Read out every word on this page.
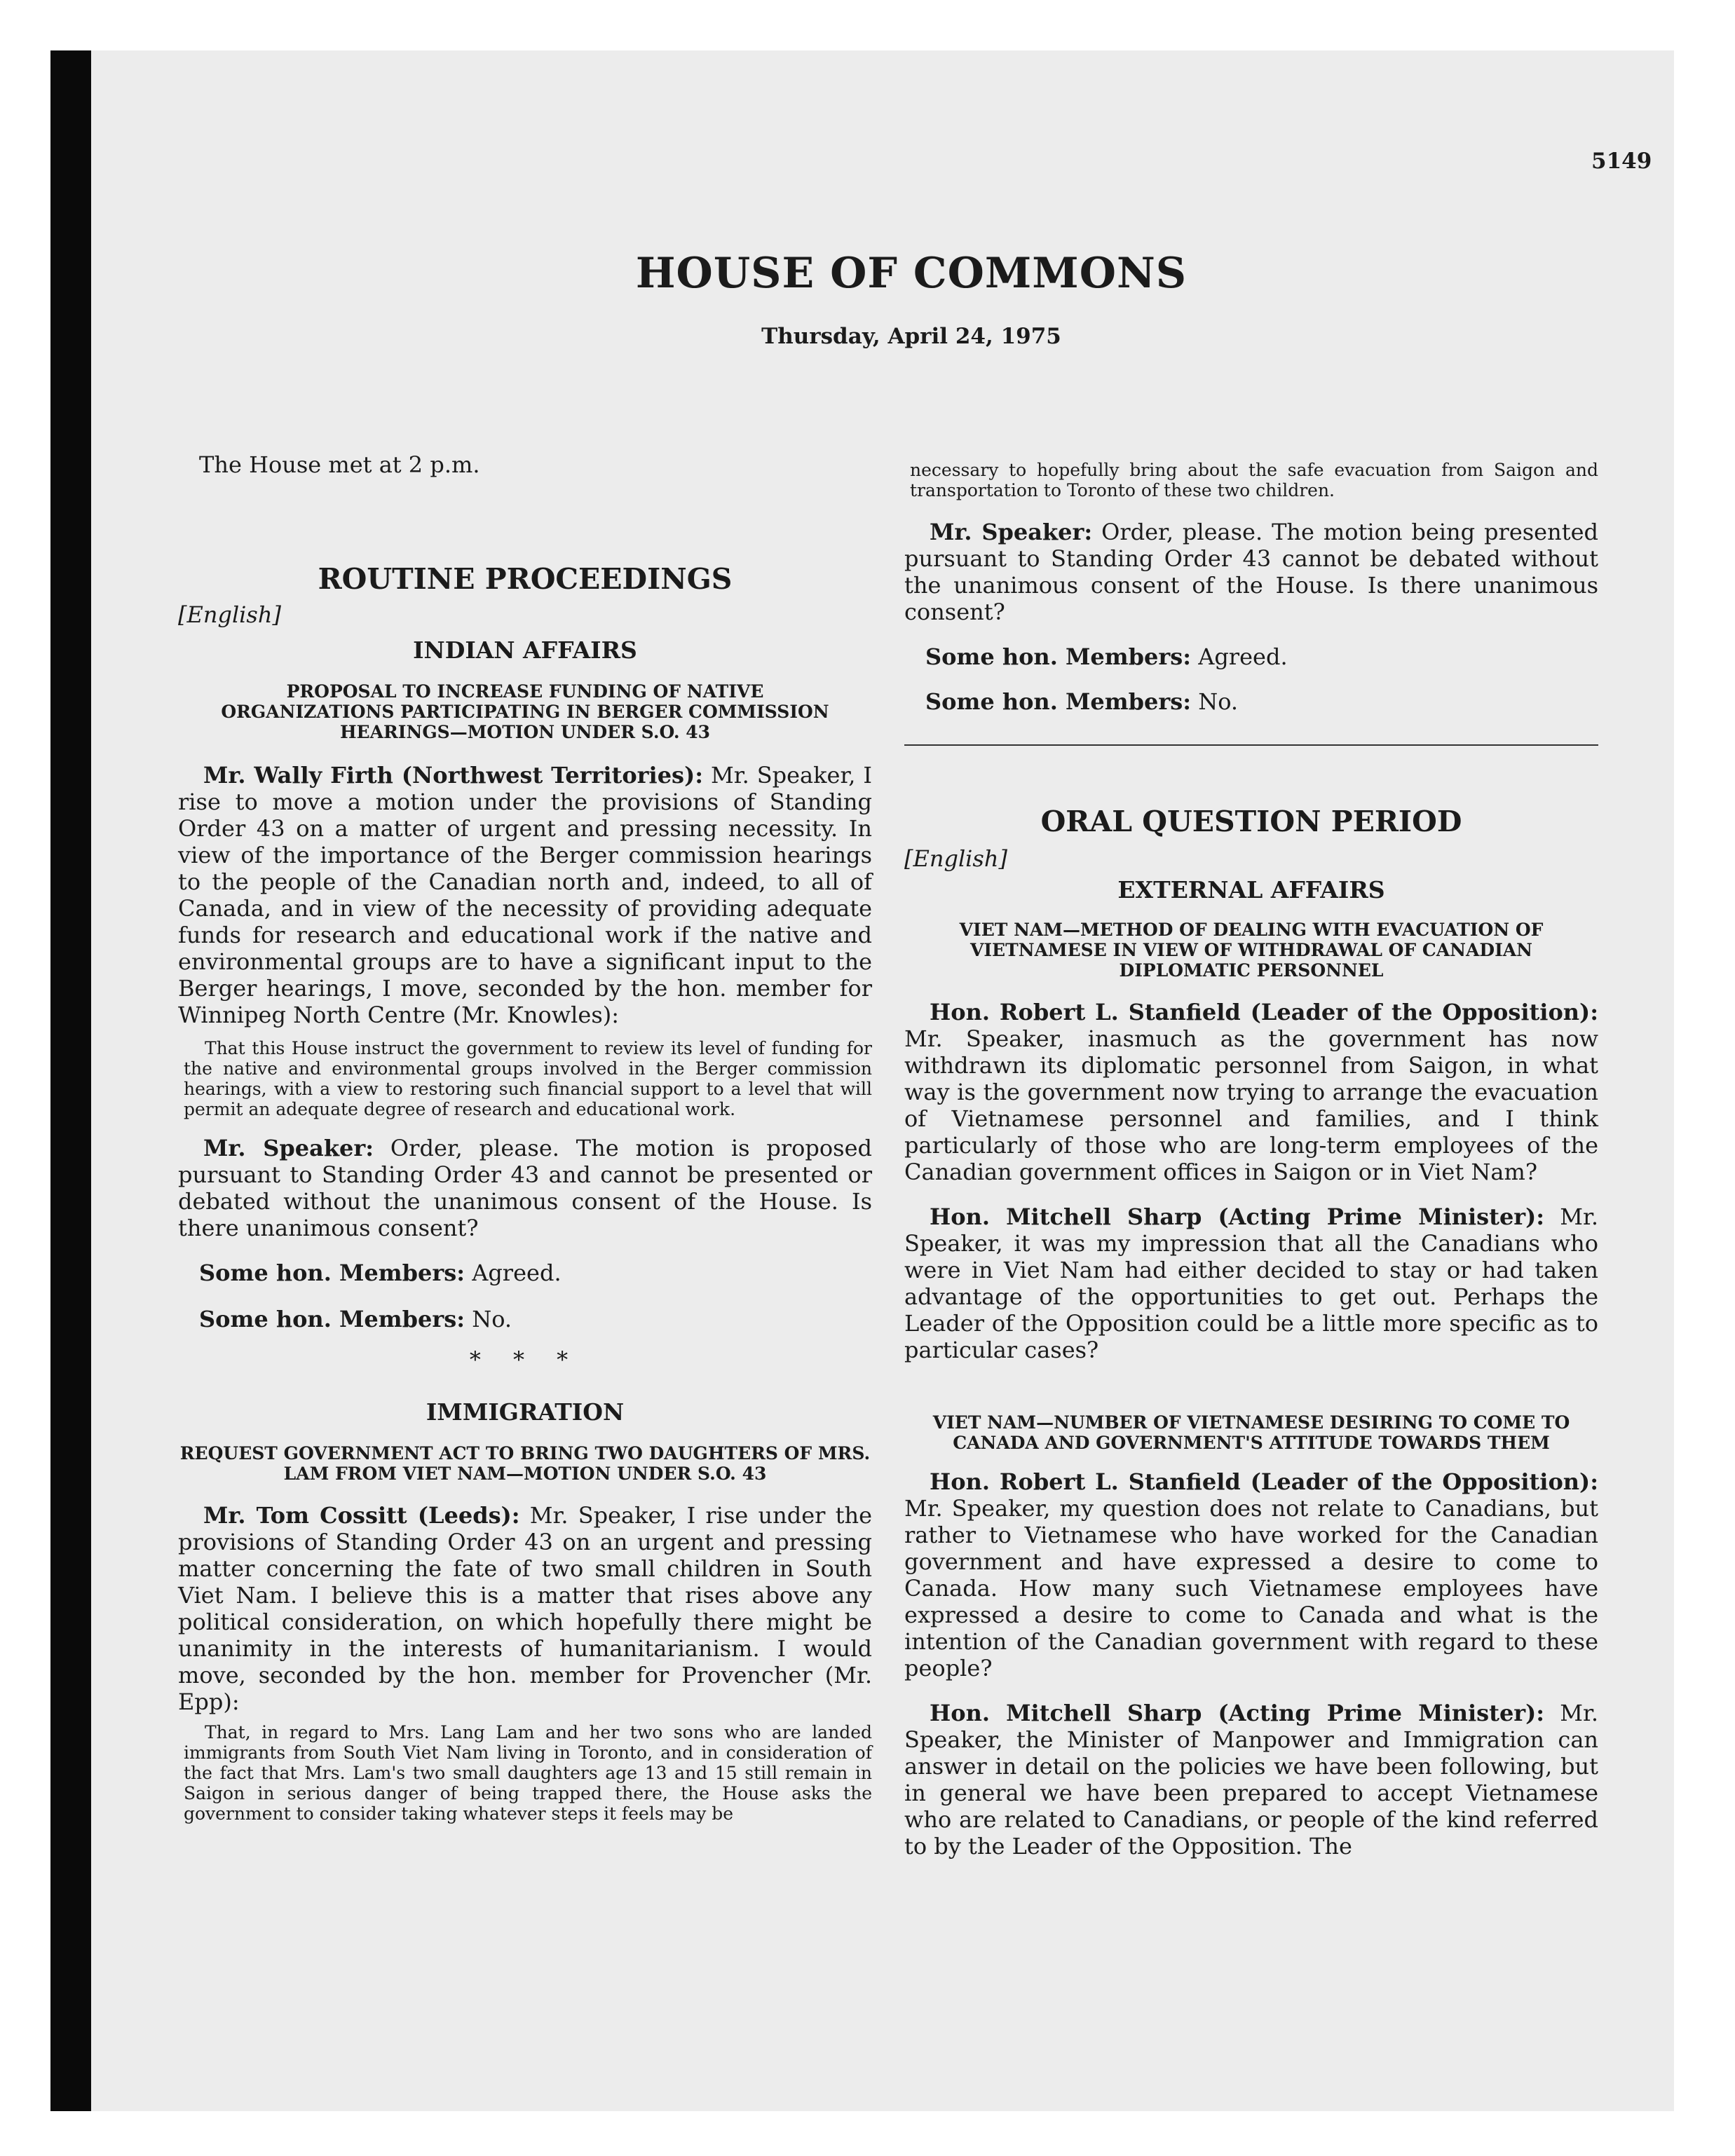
5149
HOUSE OF COMMONS
Thursday, April 24, 1975

The House met at 2 p.m.

ROUTINE PROCEEDINGS

[English]

INDIAN AFFAIRS
PROPOSAL TO INCREASE FUNDING OF NATIVE ORGANIZATIONS PARTICIPATING IN BERGER COMMISSION HEARINGS—MOTION UNDER S.O. 43

Mr. Wally Firth (Northwest Territories): Mr. Speaker, I rise to move a motion under the provisions of Standing Order 43 on a matter of urgent and pressing necessity. In view of the importance of the Berger commission hearings to the people of the Canadian north and, indeed, to all of Canada, and in view of the necessity of providing adequate funds for research and educational work if the native and environmental groups are to have a significant input to the Berger hearings, I move, seconded by the hon. member for Winnipeg North Centre (Mr. Knowles):

That this House instruct the government to review its level of funding for the native and environmental groups involved in the Berger commission hearings, with a view to restoring such financial support to a level that will permit an adequate degree of research and educational work.

Mr. Speaker: Order, please. The motion is proposed pursuant to Standing Order 43 and cannot be presented or debated without the unanimous consent of the House. Is there unanimous consent?

Some hon. Members: Agreed.

Some hon. Members: No.

* * *
IMMIGRATION
REQUEST GOVERNMENT ACT TO BRING TWO DAUGHTERS OF MRS. LAM FROM VIET NAM—MOTION UNDER S.O. 43

Mr. Tom Cossitt (Leeds): Mr. Speaker, I rise under the provisions of Standing Order 43 on an urgent and pressing matter concerning the fate of two small children in South Viet Nam. I believe this is a matter that rises above any political consideration, on which hopefully there might be unanimity in the interests of humanitarianism. I would move, seconded by the hon. member for Provencher (Mr. Epp):

That, in regard to Mrs. Lang Lam and her two sons who are landed immigrants from South Viet Nam living in Toronto, and in consideration of the fact that Mrs. Lam's two small daughters age 13 and 15 still remain in Saigon in serious danger of being trapped there, the House asks the government to consider taking whatever steps it feels may be

necessary to hopefully bring about the safe evacuation from Saigon and transportation to Toronto of these two children.

Mr. Speaker: Order, please. The motion being presented pursuant to Standing Order 43 cannot be debated without the unanimous consent of the House. Is there unanimous consent?

Some hon. Members: Agreed.

Some hon. Members: No.

ORAL QUESTION PERIOD

[English]

EXTERNAL AFFAIRS
VIET NAM—METHOD OF DEALING WITH EVACUATION OF VIETNAMESE IN VIEW OF WITHDRAWAL OF CANADIAN DIPLOMATIC PERSONNEL

Hon. Robert L. Stanfield (Leader of the Opposition): Mr. Speaker, inasmuch as the government has now withdrawn its diplomatic personnel from Saigon, in what way is the government now trying to arrange the evacuation of Vietnamese personnel and families, and I think particularly of those who are long-term employees of the Canadian government offices in Saigon or in Viet Nam?

Hon. Mitchell Sharp (Acting Prime Minister): Mr. Speaker, it was my impression that all the Canadians who were in Viet Nam had either decided to stay or had taken advantage of the opportunities to get out. Perhaps the Leader of the Opposition could be a little more specific as to particular cases?

VIET NAM—NUMBER OF VIETNAMESE DESIRING TO COME TO CANADA AND GOVERNMENT'S ATTITUDE TOWARDS THEM

Hon. Robert L. Stanfield (Leader of the Opposition): Mr. Speaker, my question does not relate to Canadians, but rather to Vietnamese who have worked for the Canadian government and have expressed a desire to come to Canada. How many such Vietnamese employees have expressed a desire to come to Canada and what is the intention of the Canadian government with regard to these people?

Hon. Mitchell Sharp (Acting Prime Minister): Mr. Speaker, the Minister of Manpower and Immigration can answer in detail on the policies we have been following, but in general we have been prepared to accept Vietnamese who are related to Canadians, or people of the kind referred to by the Leader of the Opposition. The
